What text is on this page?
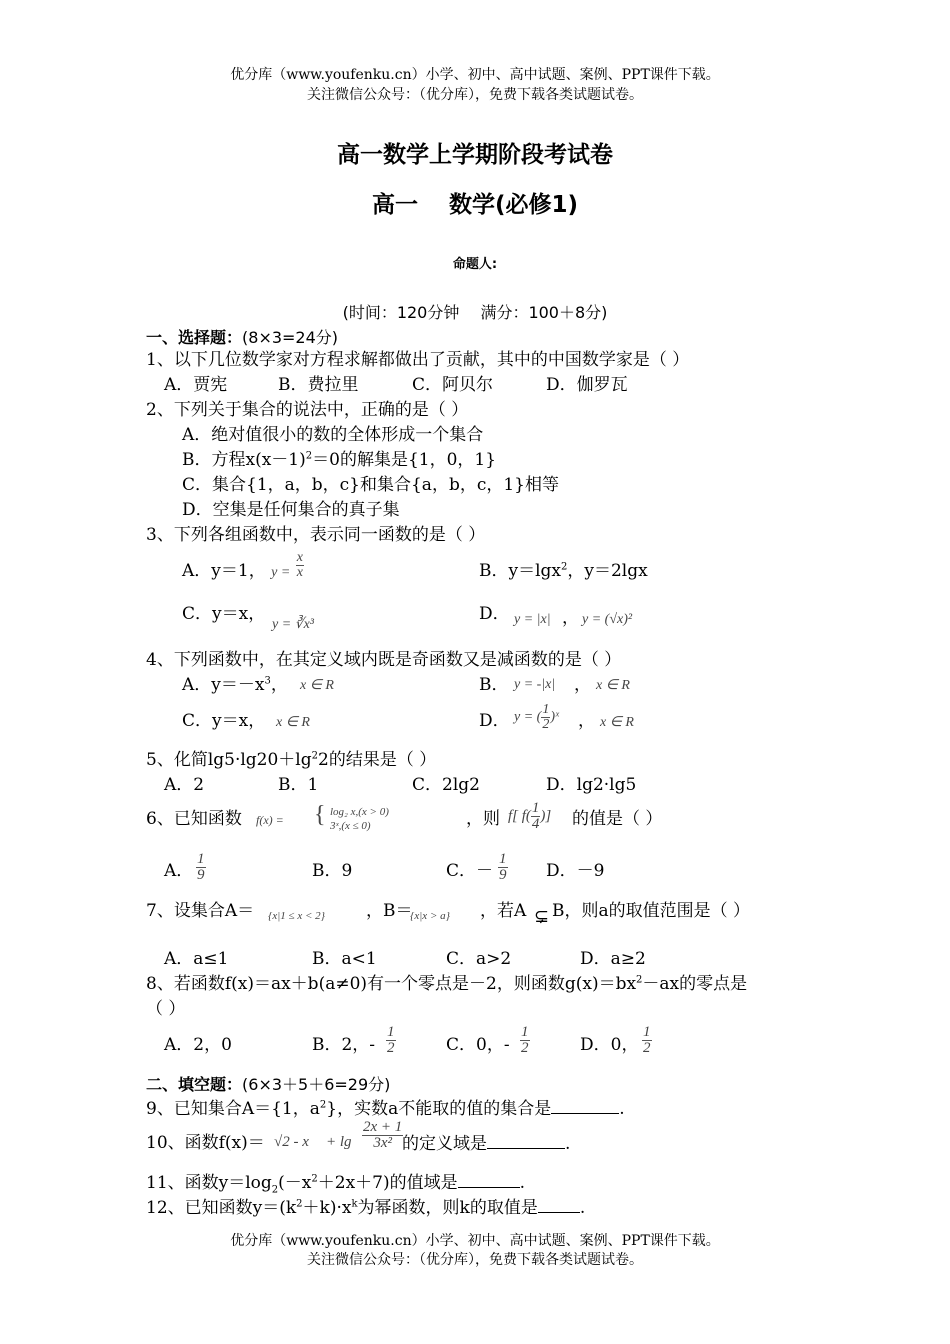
优分库（www.youfenku.cn）小学、初中、高中试题、案例、PPT课件下载。
关注微信公众号：（优分库），免费下载各类试题试卷。
高一数学上学期阶段考试卷
高一　 数学(必修1)
命题人:
(时间：120分钟　 满分：100＋8分)
一、选择题：(8×3=24分)
1、以下几位数学家对方程求解都做出了贡献，其中的中国数学家是（ ）
A．贾宪	B．费拉里	C．阿贝尔	D．伽罗瓦
2、下列关于集合的说法中，正确的是（ ）
A．绝对值很小的数的全体形成一个集合
B．方程$x(x-1)^2=0$的解集是{1，0，1}
C．集合{1，a，b，c}和集合{a，b，c，1}相等
D．空集是任何集合的真子集
3、下列各组函数中，表示同一函数的是（ ）
A．y＝1， $y = \frac{x}{x}$	B．y＝lgx$^2$，y＝2lgx
C．y＝x，
y = ∛x³
D． y = |x| ， y = (√x)²
4、下列函数中，在其定义域内既是奇函数又是减函数的是（ ）
A．$y=-x^3$， x ∈ R	B． y = -|x| ， x ∈ R
C．y＝x， x ∈ R	D． y = ( $\frac{1}{2}$ )ˣ ， x ∈ R
5、化简$\lg 5\cdot\lg 20+\lg^22$的结果是（ ）
A．2	B．1	C．2lg2	D．lg2·lg5
6、已知函数 f(x) = { log₂ x,(x > 0)
3ˣ,(x ≤ 0)	，则 f[ $f( \frac{1}{4}$ )] 的值是（ ）
A． $\frac{1}{9}$	B．9	C．－ $\frac{1}{9}$ D．－9
7、设集合A＝ {x|1 ≤ x < 2} ，B＝
{x|x > a} ，若A ⊊ B，则a的取值范围是（ ）
A．a≤1	B．a<1	C．a>2	D．a≥2
8、若函数f(x)＝ax＋b(a≠0)有一个零点是－2，则函数$g(x)=bx^2-ax$的零点是
（ ）
A．2，0	B．2，- $\frac{1}{2}$	C．0，- $\frac{1}{2}$	D．0， $\frac{1}{2}$
二、填空题：(6×3＋5＋6=29分)
9、已知集合A＝{1，$a^2$}，实数a不能取的值的集合是	.
10、函数$f(x)= √2 - x + \lg \frac{2x + 1}{\text{3x²}}$
的定义域是	.
11、函数$y=\log_2(-x^2+2x+7)$的值域是	.
12、已知函数$y=(k^2+k)\cdot x^k$为幂函数，则k的取值是 .
优分库（www.youfenku.cn）小学、初中、高中试题、案例、PPT课件下载。
关注微信公众号：（优分库），免费下载各类试题试卷。
